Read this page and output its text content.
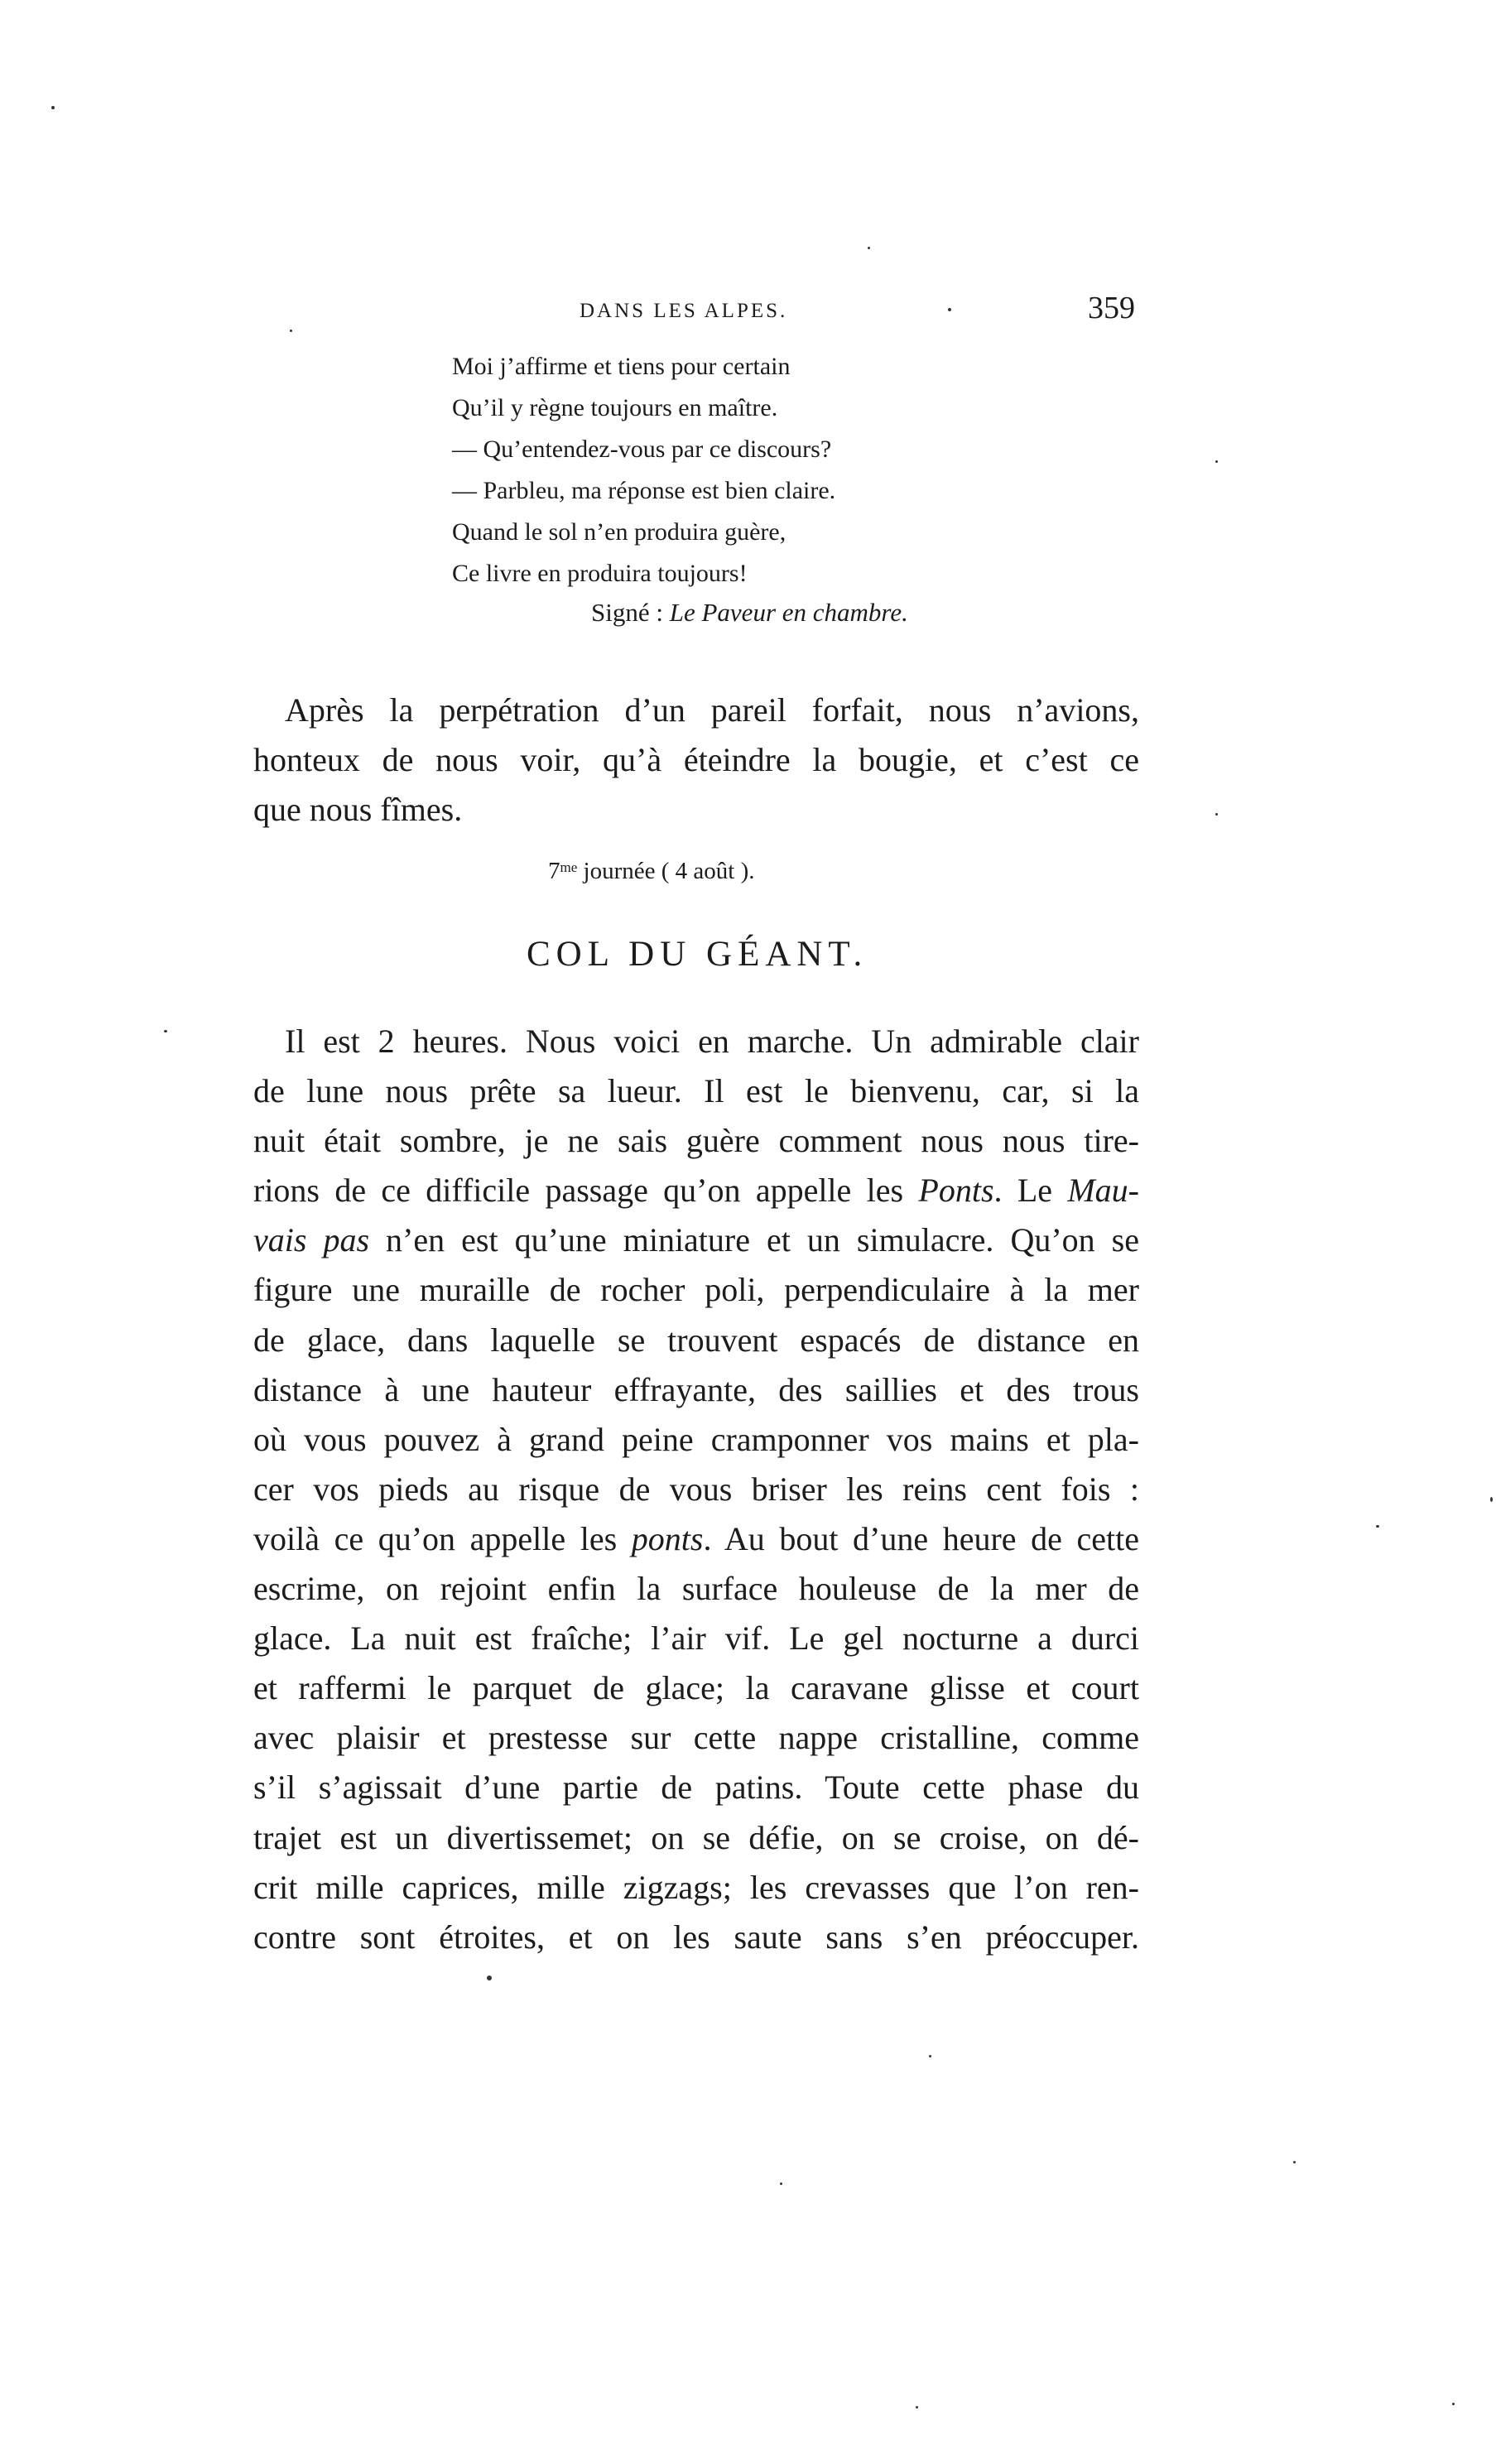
DANS LES ALPES.	359
Moi j’affirme et tiens pour certain
Qu’il y règne toujours en maître.
— Qu’entendez-vous par ce discours?
— Parbleu, ma réponse est bien claire.
Quand le sol n’en produira guère,
Ce livre en produira toujours!
Signé : Le Paveur en chambre.
Après la perpétration d’un pareil forfait, nous n’avions,
honteux de nous voir, qu’à éteindre la bougie, et c’est ce
que nous fîmes.
$7^{me}$ journée ( 4 août ).
COL DU GÉANT.
Il est 2 heures. Nous voici en marche. Un admirable clair
de lune nous prête sa lueur. Il est le bienvenu, car, si la
nuit était sombre, je ne sais guère comment nous nous tire-
rions de ce difficile passage qu’on appelle les Ponts. Le Mau-
vais pas n’en est qu’une miniature et un simulacre. Qu’on se
figure une muraille de rocher poli, perpendiculaire à la mer
de glace, dans laquelle se trouvent espacés de distance en
distance à une hauteur effrayante, des saillies et des trous
où vous pouvez à grand peine cramponner vos mains et pla-
cer vos pieds au risque de vous briser les reins cent fois :
voilà ce qu’on appelle les ponts. Au bout d’une heure de cette
escrime, on rejoint enfin la surface houleuse de la mer de
glace. La nuit est fraîche; l’air vif. Le gel nocturne a durci
et raffermi le parquet de glace; la caravane glisse et court
avec plaisir et prestesse sur cette nappe cristalline, comme
s’il s’agissait d’une partie de patins. Toute cette phase du
trajet est un divertissemet; on se défie, on se croise, on dé-
crit mille caprices, mille zigzags; les crevasses que l’on ren-
contre sont étroites, et on les saute sans s’en préoccuper.
